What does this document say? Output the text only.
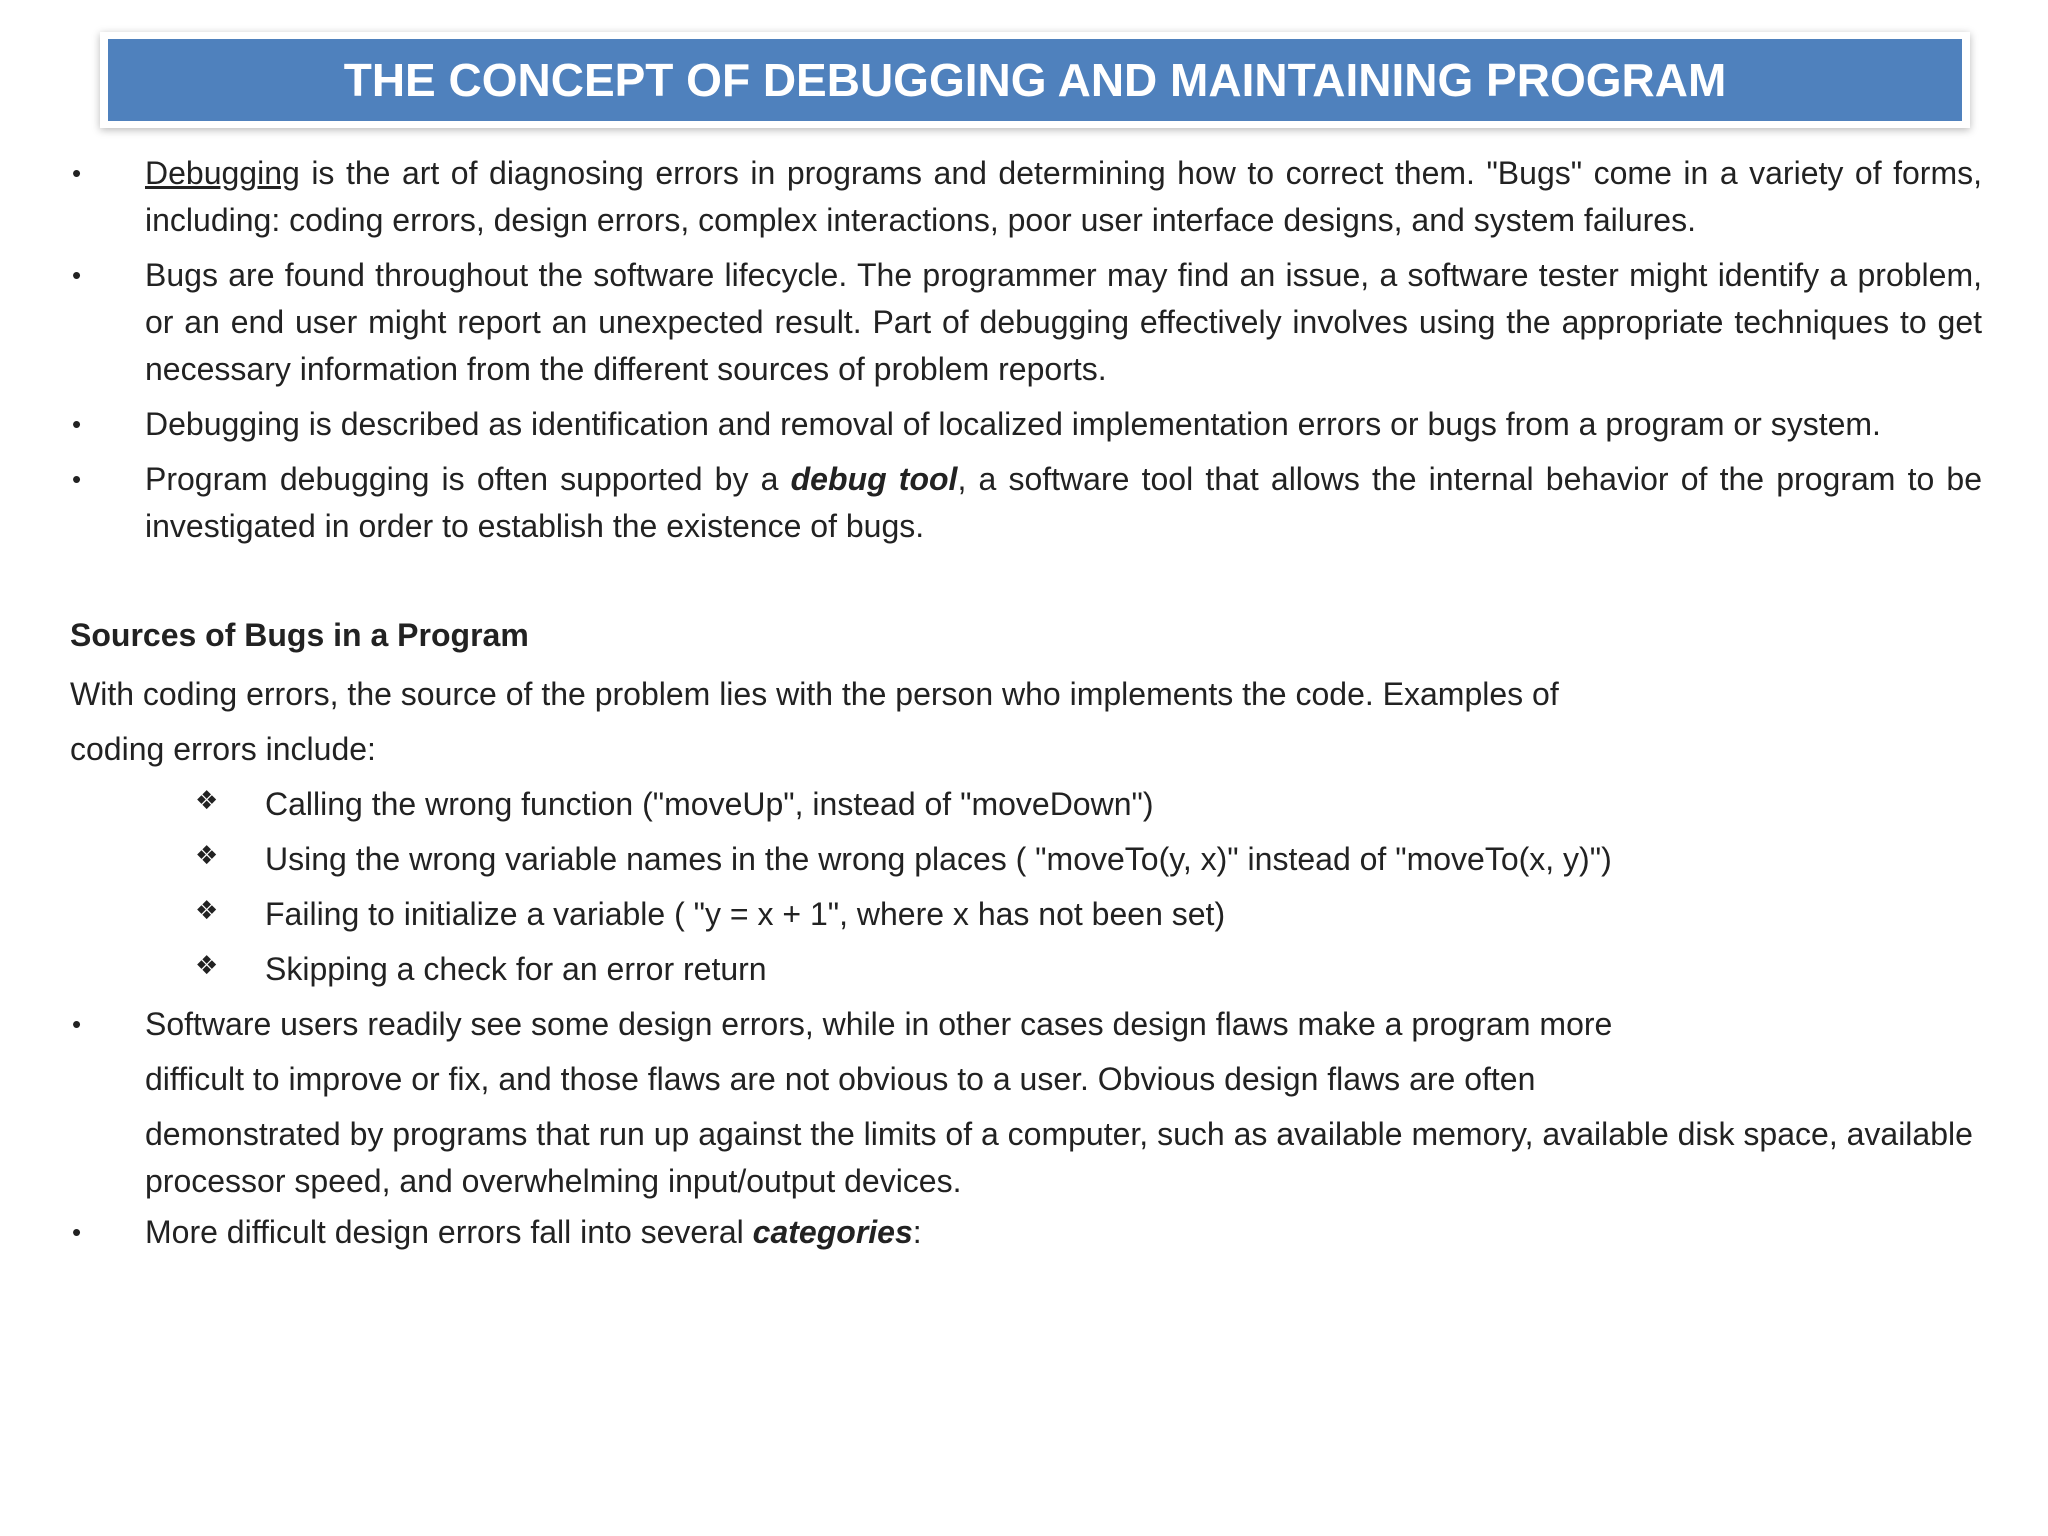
THE CONCEPT OF DEBUGGING AND MAINTAINING PROGRAM
• Debugging is the art of diagnosing errors in programs and determining how to correct them. "Bugs" come in a variety of forms, including: coding errors, design errors, complex interactions, poor user interface designs, and system failures.
• Bugs are found throughout the software lifecycle. The programmer may find an issue, a software tester might identify a problem, or an end user might report an unexpected result. Part of debugging effectively involves using the appropriate techniques to get necessary information from the different sources of problem reports.
• Debugging is described as identification and removal of localized implementation errors or bugs from a program or system.
• Program debugging is often supported by a debug tool, a software tool that allows the internal behavior of the program to be investigated in order to establish the existence of bugs.
Sources of Bugs in a Program
With coding errors, the source of the problem lies with the person who implements the code. Examples of
coding errors include:
❖ Calling the wrong function ("moveUp", instead of "moveDown")
❖ Using the wrong variable names in the wrong places ( "moveTo(y, x)" instead of "moveTo(x, y)")
❖ Failing to initialize a variable ( "y = x + 1", where x has not been set)
❖ Skipping a check for an error return
• Software users readily see some design errors, while in other cases design flaws make a program more
difficult to improve or fix, and those flaws are not obvious to a user. Obvious design flaws are often
demonstrated by programs that run up against the limits of a computer, such as available memory, available disk space, available processor speed, and overwhelming input/output devices.
• More difficult design errors fall into several categories:
